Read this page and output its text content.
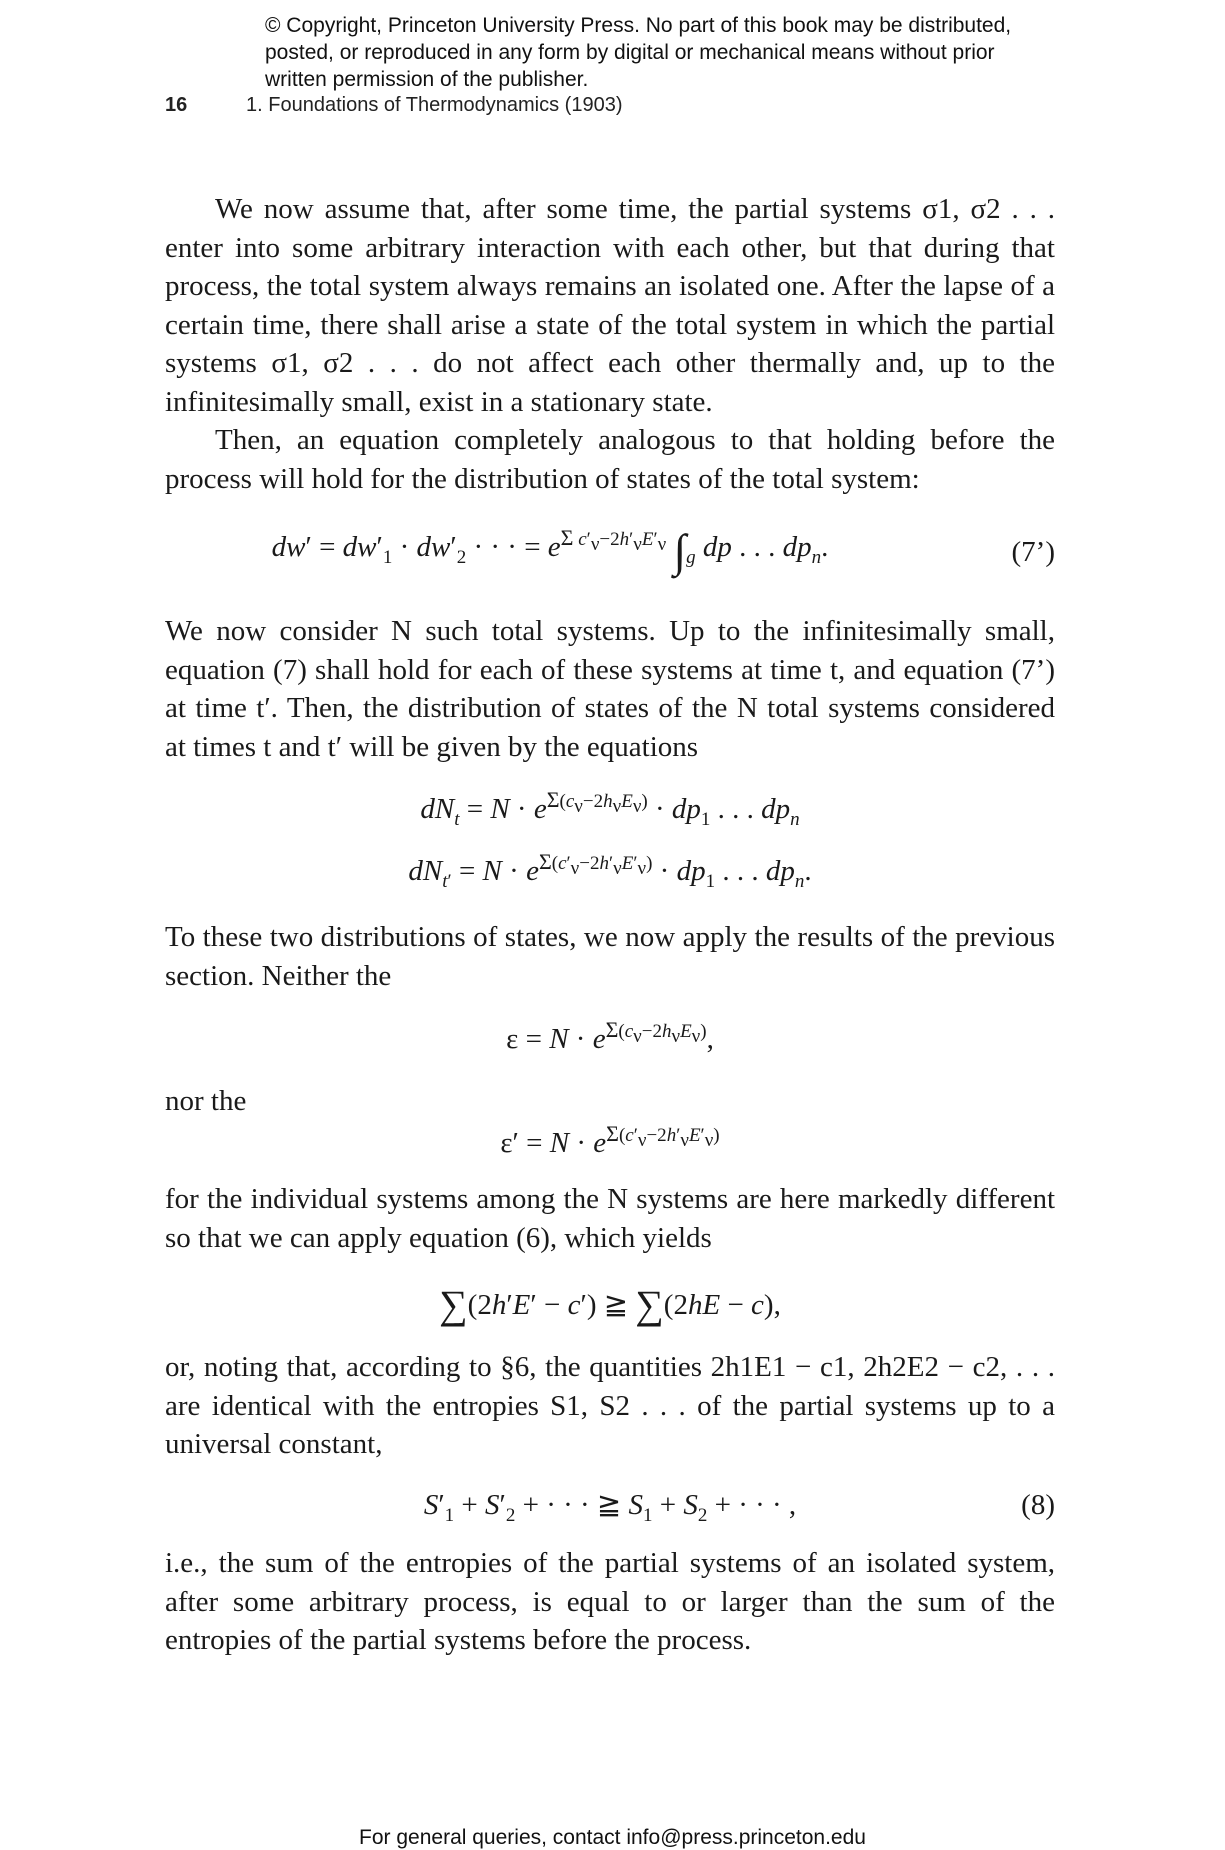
© Copyright, Princeton University Press. No part of this book may be distributed, posted, or reproduced in any form by digital or mechanical means without prior written permission of the publisher.
16	1. Foundations of Thermodynamics (1903)
We now assume that, after some time, the partial systems σ1, σ2 . . . enter into some arbitrary interaction with each other, but that during that process, the total system always remains an isolated one. After the lapse of a certain time, there shall arise a state of the total system in which the partial systems σ1, σ2 . . . do not affect each other thermally and, up to the infinitesimally small, exist in a stationary state.
Then, an equation completely analogous to that holding before the process will hold for the distribution of states of the total system:
$dw' = dw'_1 \cdot dw'_2$ · · · = $e^{\Sigma c'_\nu-2h'_\nu E'_\nu}$ $\int_g$ dp . . . $dp_n$.	(7’)
We now consider N such total systems. Up to the infinitesimally small, equation (7) shall hold for each of these systems at time t, and equation (7’) at time t′. Then, the distribution of states of the N total systems considered at times t and t′ will be given by the equations
$dN_t = N \cdot e^{\Sigma(c_\nu-2h_\nu E_\nu)} \cdot dp_1$ . . . $dp_n$
$dN_{t'} = N \cdot e^{\Sigma(c'_\nu-2h'_\nu E'_\nu)} \cdot dp_1$ . . . $dp_n$.
To these two distributions of states, we now apply the results of the previous section. Neither the
$\varepsilon = N \cdot e^{\Sigma(c_\nu-2h_\nu E_\nu)}$,
nor the
$\varepsilon' = N \cdot e^{\Sigma(c'_\nu-2h'_\nu E'_\nu)}$
for the individual systems among the N systems are here markedly different so that we can apply equation (6), which yields
∑(2h′E′ − c′) ≧ ∑(2hE − c),
or, noting that, according to §6, the quantities 2h1E1 − c1, 2h2E2 − c2, . . . are identical with the entropies S1, S2 . . . of the partial systems up to a universal constant,
$S'_1 + S'_2$ + · · · ≧ $S_1 + S_2$ + · · · ,	(8)
i.e., the sum of the entropies of the partial systems of an isolated system, after some arbitrary process, is equal to or larger than the sum of the entropies of the partial systems before the process.
For general queries, contact info@press.princeton.edu
